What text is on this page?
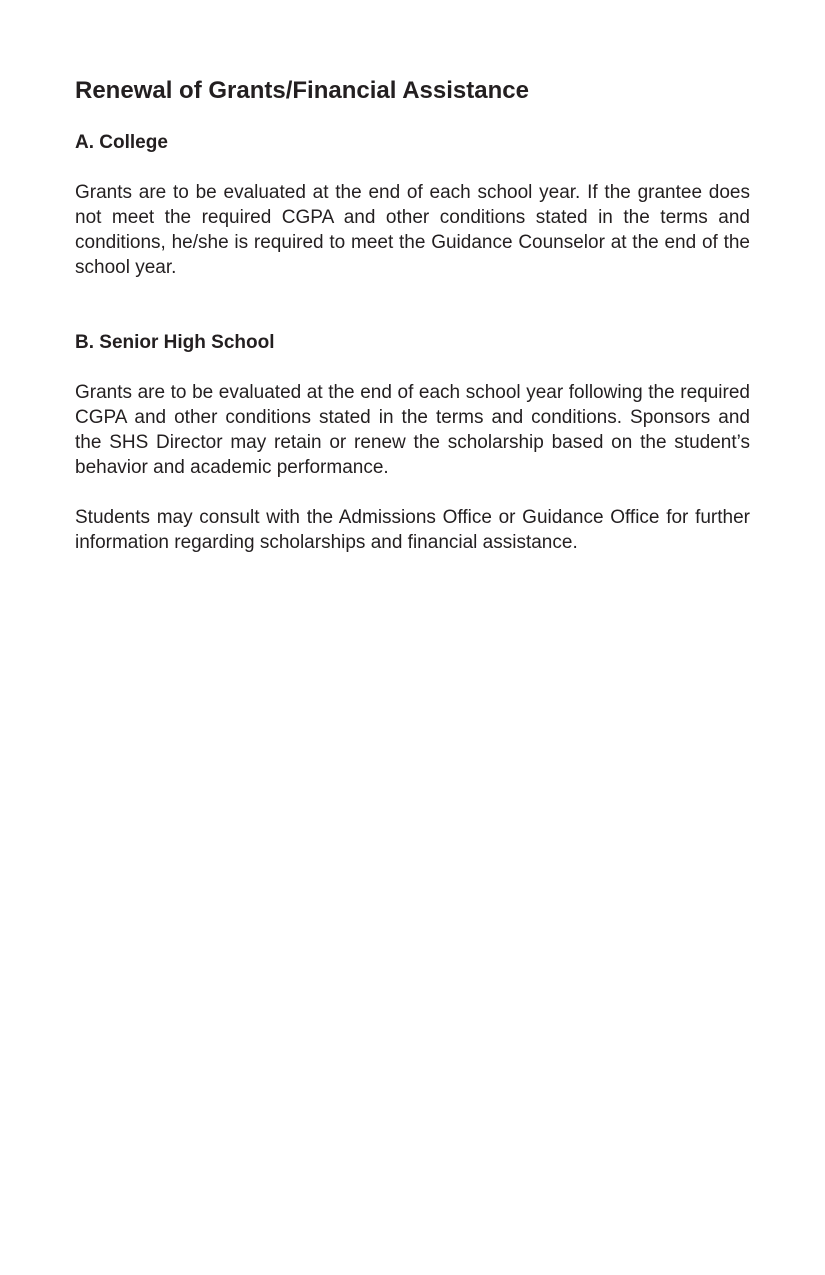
Renewal of Grants/Financial Assistance
A. College

Grants are to be evaluated at the end of each school year. If the grantee does not meet the required CGPA and other conditions stated in the terms and conditions, he/she is required to meet the Guidance Counselor at the end of the school year.

B. Senior High School

Grants are to be evaluated at the end of each school year following the required CGPA and other conditions stated in the terms and conditions. Sponsors and the SHS Director may retain or renew the scholarship based on the student’s behavior and academic performance.

Students may consult with the Admissions Office or Guidance Office for further information regarding scholarships and financial assistance.
